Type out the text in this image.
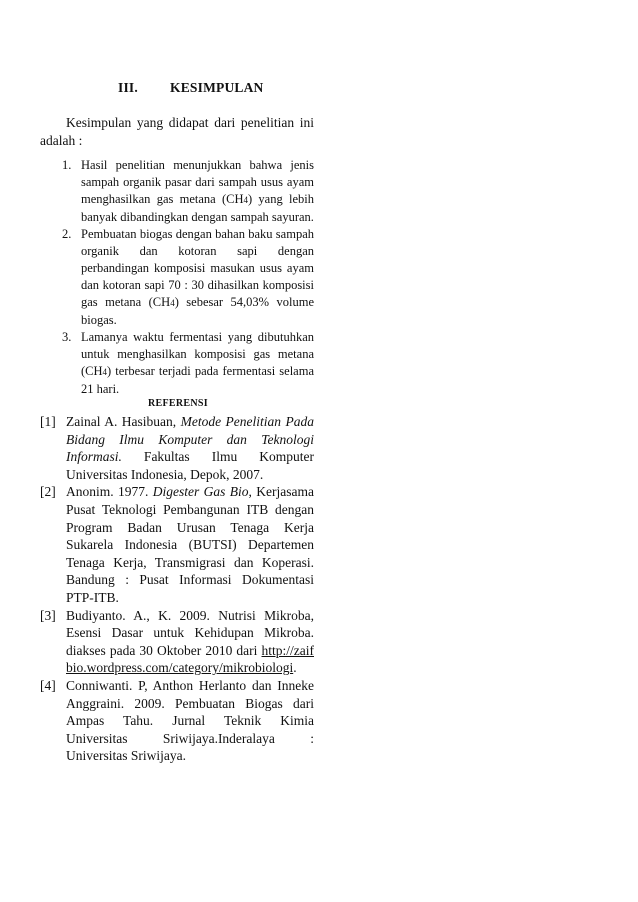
III. KESIMPULAN
Kesimpulan yang didapat dari penelitian ini adalah :
1. Hasil penelitian menunjukkan bahwa jenis sampah organik pasar dari sampah usus ayam menghasilkan gas metana (CH4) yang lebih banyak dibandingkan dengan sampah sayuran.
2. Pembuatan biogas dengan bahan baku sampah organik dan kotoran sapi dengan perbandingan komposisi masukan usus ayam dan kotoran sapi 70 : 30 dihasilkan komposisi gas metana (CH4) sebesar 54,03% volume biogas.
3. Lamanya waktu fermentasi yang dibutuhkan untuk menghasilkan komposisi gas metana (CH4) terbesar terjadi pada fermentasi selama 21 hari.
REFERENSI
[1] Zainal A. Hasibuan, Metode Penelitian Pada Bidang Ilmu Komputer dan Teknologi Informasi. Fakultas Ilmu Komputer Universitas Indonesia, Depok, 2007.
[2] Anonim. 1977. Digester Gas Bio, Kerjasama Pusat Teknologi Pembangunan ITB dengan Program Badan Urusan Tenaga Kerja Sukarela Indonesia (BUTSI) Departemen Tenaga Kerja, Transmigrasi dan Koperasi. Bandung : Pusat Informasi Dokumentasi PTP-ITB.
[3] Budiyanto. A., K. 2009. Nutrisi Mikroba, Esensi Dasar untuk Kehidupan Mikroba. diakses pada 30 Oktober 2010 dari http://zaifbio.wordpress.com/category/mikrobiologi.
[4] Conniwanti. P, Anthon Herlanto dan Inneke Anggraini. 2009. Pembuatan Biogas dari Ampas Tahu. Jurnal Teknik Kimia Universitas Sriwijaya.Inderalaya : Universitas Sriwijaya.
